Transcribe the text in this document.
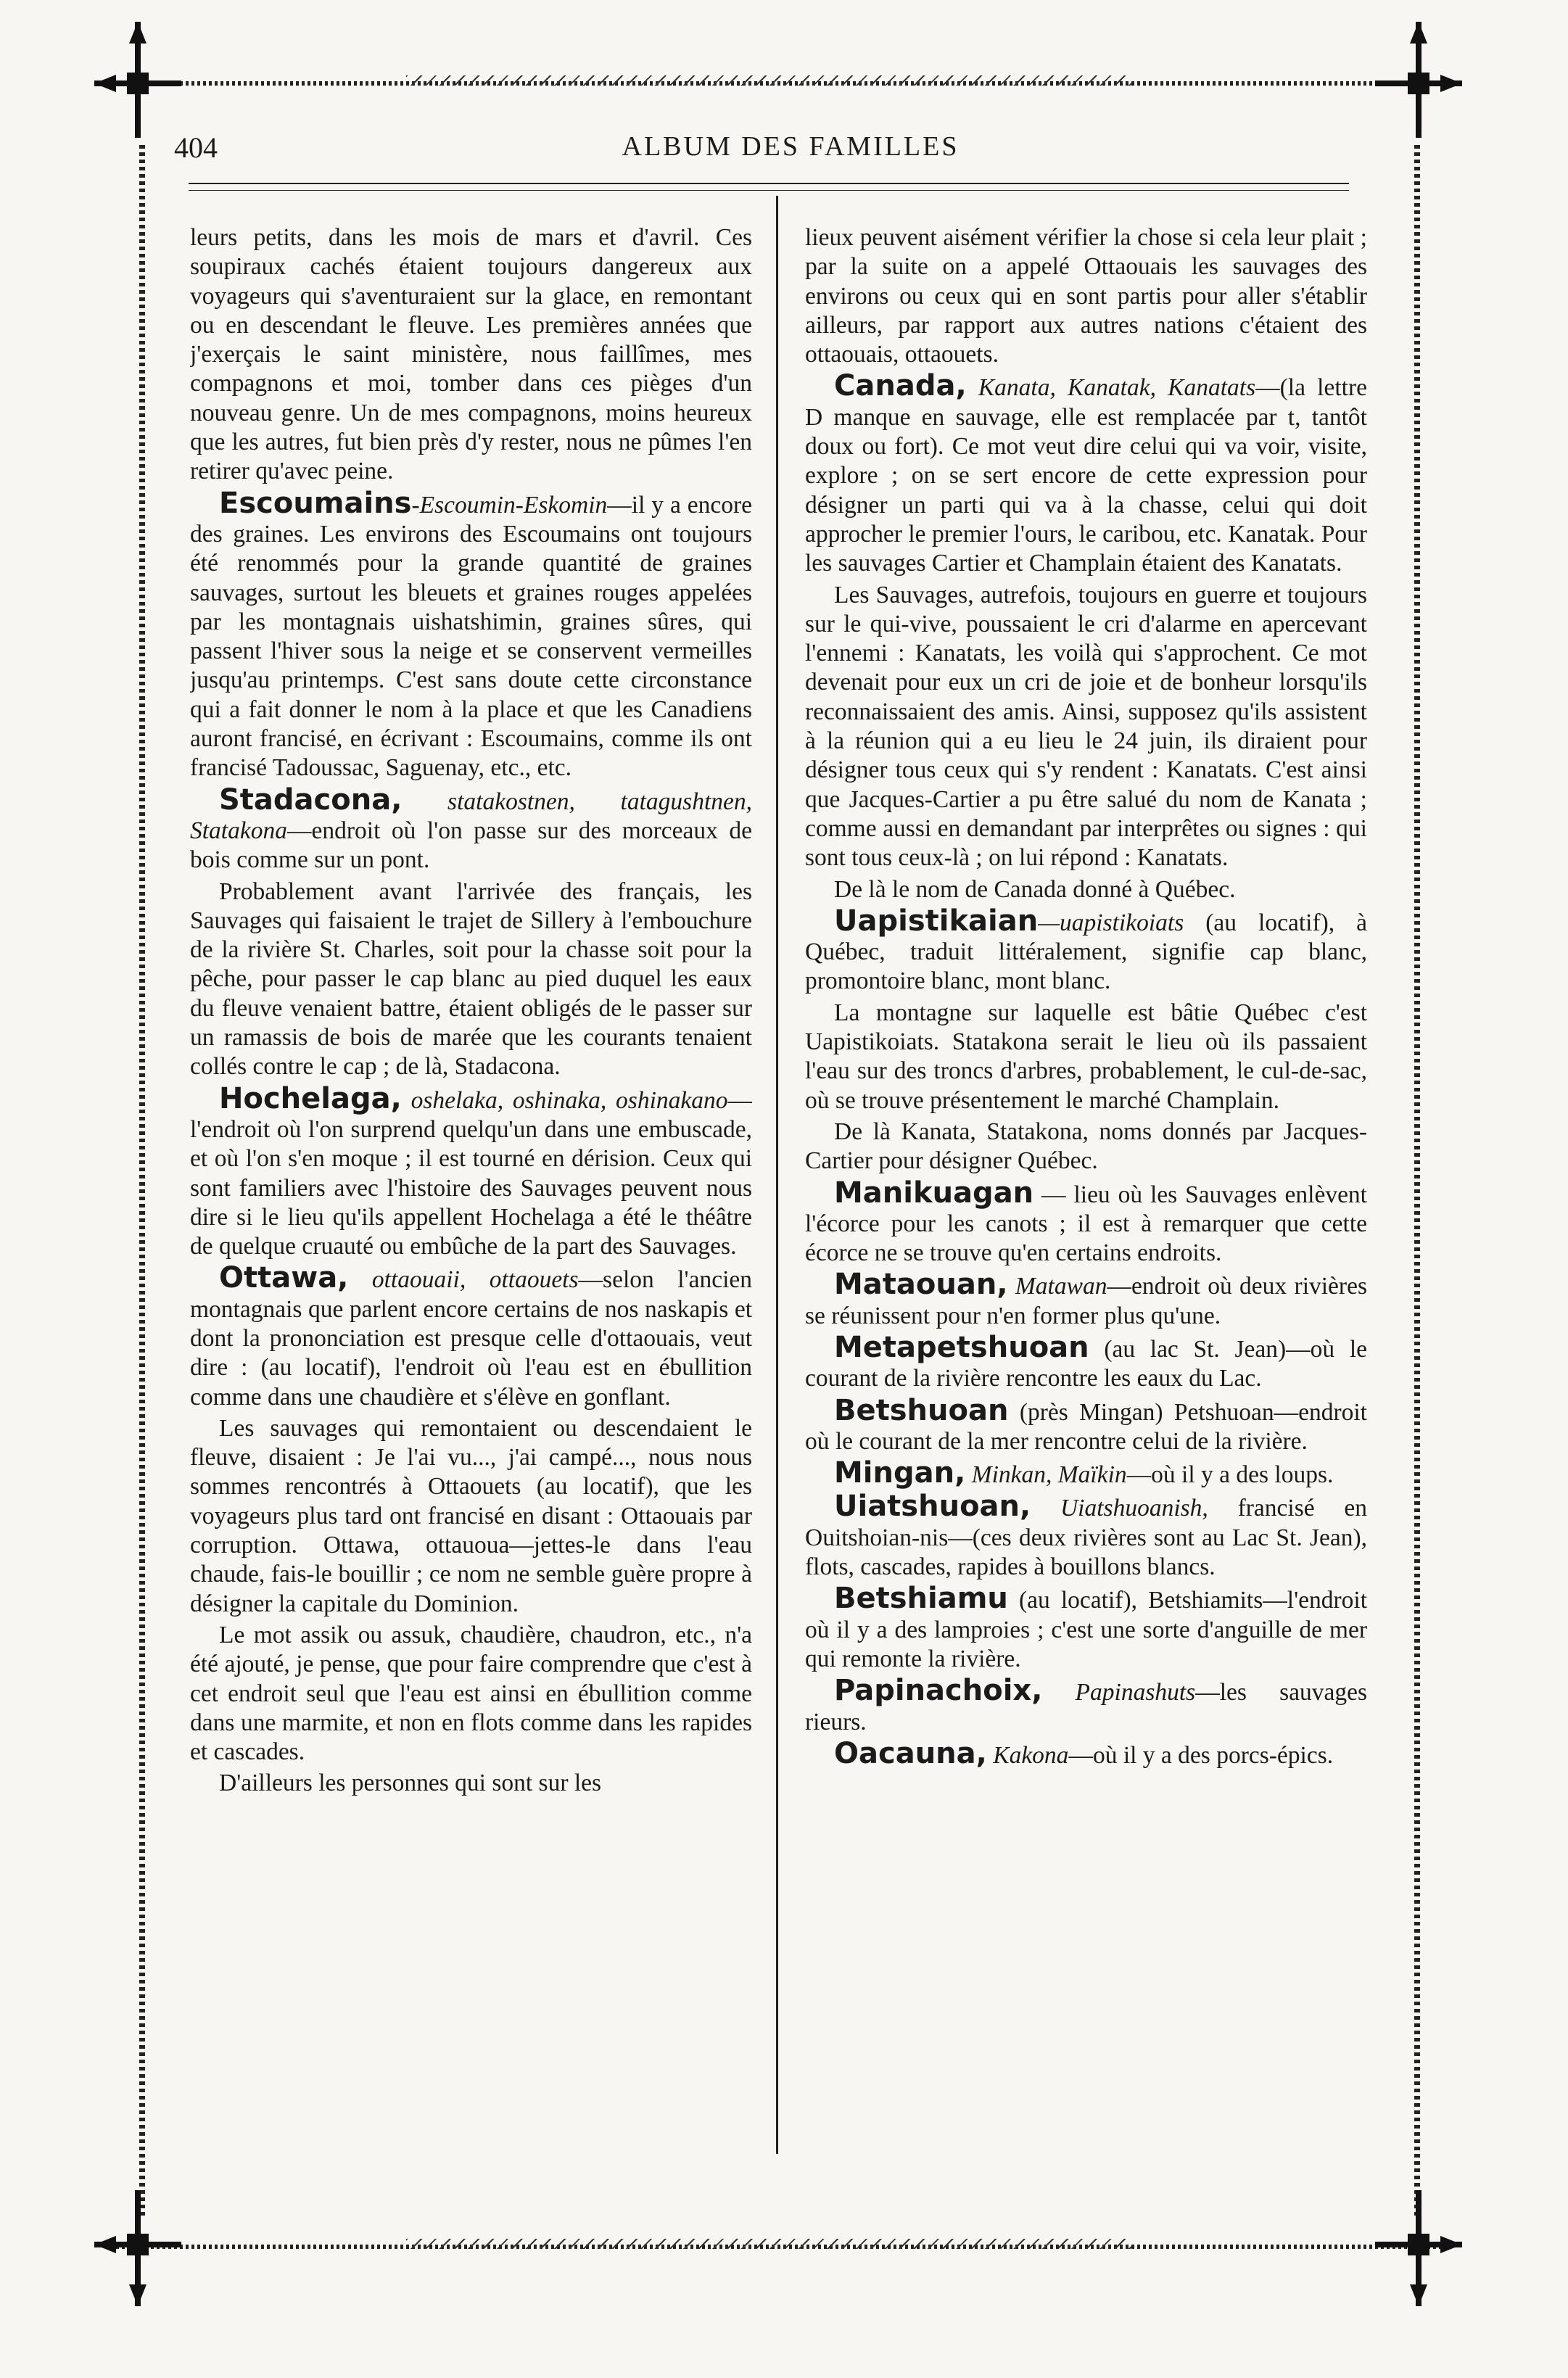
404	ALBUM DES FAMILLES

leurs petits, dans les mois de mars et d'avril. Ces soupiraux cachés étaient toujours dangereux aux voyageurs qui s'aventuraient sur la glace, en remontant ou en descendant le fleuve. Les premières années que j'exerçais le saint ministère, nous faillîmes, mes compagnons et moi, tomber dans ces pièges d'un nouveau genre. Un de mes compagnons, moins heureux que les autres, fut bien près d'y rester, nous ne pûmes l'en retirer qu'avec peine.

Escoumains-Escoumin-Eskomin—il y a encore des graines. Les environs des Escoumains ont toujours été renommés pour la grande quantité de graines sauvages, surtout les bleuets et graines rouges appelées par les montagnais uishatshimin, graines sûres, qui passent l'hiver sous la neige et se conservent vermeilles jusqu'au printemps. C'est sans doute cette circonstance qui a fait donner le nom à la place et que les Canadiens auront francisé, en écrivant : Escoumains, comme ils ont francisé Tadoussac, Saguenay, etc., etc.

Stadacona, statakostnen, tatagushtnen, Statakona—endroit où l'on passe sur des morceaux de bois comme sur un pont.

Probablement avant l'arrivée des français, les Sauvages qui faisaient le trajet de Sillery à l'embouchure de la rivière St. Charles, soit pour la chasse soit pour la pêche, pour passer le cap blanc au pied duquel les eaux du fleuve venaient battre, étaient obligés de le passer sur un ramassis de bois de marée que les courants tenaient collés contre le cap ; de là, Stadacona.

Hochelaga, oshelaka, oshinaka, oshinakano—l'endroit où l'on surprend quelqu'un dans une embuscade, et où l'on s'en moque ; il est tourné en dérision. Ceux qui sont familiers avec l'histoire des Sauvages peuvent nous dire si le lieu qu'ils appellent Hochelaga a été le théâtre de quelque cruauté ou embûche de la part des Sauvages.

Ottawa, ottaouaii, ottaouets—selon l'ancien montagnais que parlent encore certains de nos naskapis et dont la prononciation est presque celle d'ottaouais, veut dire : (au locatif), l'endroit où l'eau est en ébullition comme dans une chaudière et s'élève en gonflant.

Les sauvages qui remontaient ou descendaient le fleuve, disaient : Je l'ai vu..., j'ai campé..., nous nous sommes rencontrés à Ottaouets (au locatif), que les voyageurs plus tard ont francisé en disant : Ottaouais par corruption. Ottawa, ottauoua—jettes-le dans l'eau chaude, fais-le bouillir ; ce nom ne semble guère propre à désigner la capitale du Dominion.

Le mot assik ou assuk, chaudière, chaudron, etc., n'a été ajouté, je pense, que pour faire comprendre que c'est à cet endroit seul que l'eau est ainsi en ébullition comme dans une marmite, et non en flots comme dans les rapides et cascades.

D'ailleurs les personnes qui sont sur les

lieux peuvent aisément vérifier la chose si cela leur plait ; par la suite on a appelé Ottaouais les sauvages des environs ou ceux qui en sont partis pour aller s'établir ailleurs, par rapport aux autres nations c'étaient des ottaouais, ottaouets.

Canada, Kanata, Kanatak, Kanatats—(la lettre D manque en sauvage, elle est remplacée par t, tantôt doux ou fort). Ce mot veut dire celui qui va voir, visite, explore ; on se sert encore de cette expression pour désigner un parti qui va à la chasse, celui qui doit approcher le premier l'ours, le caribou, etc. Kanatak. Pour les sauvages Cartier et Champlain étaient des Kanatats.

Les Sauvages, autrefois, toujours en guerre et toujours sur le qui-vive, poussaient le cri d'alarme en apercevant l'ennemi : Kanatats, les voilà qui s'approchent. Ce mot devenait pour eux un cri de joie et de bonheur lorsqu'ils reconnaissaient des amis. Ainsi, supposez qu'ils assistent à la réunion qui a eu lieu le 24 juin, ils diraient pour désigner tous ceux qui s'y rendent : Kanatats. C'est ainsi que Jacques-Cartier a pu être salué du nom de Kanata ; comme aussi en demandant par interprêtes ou signes : qui sont tous ceux-là ; on lui répond : Kanatats.

De là le nom de Canada donné à Québec.

Uapistikaian—uapistikoiats (au locatif), à Québec, traduit littéralement, signifie cap blanc, promontoire blanc, mont blanc.

La montagne sur laquelle est bâtie Québec c'est Uapistikoiats. Statakona serait le lieu où ils passaient l'eau sur des troncs d'arbres, probablement, le cul-de-sac, où se trouve présentement le marché Champlain.

De là Kanata, Statakona, noms donnés par Jacques-Cartier pour désigner Québec.

Manikuagan — lieu où les Sauvages enlèvent l'écorce pour les canots ; il est à remarquer que cette écorce ne se trouve qu'en certains endroits.

Mataouan, Matawan—endroit où deux rivières se réunissent pour n'en former plus qu'une.

Metapetshuoan (au lac St. Jean)—où le courant de la rivière rencontre les eaux du Lac.

Betshuoan (près Mingan) Petshuoan—endroit où le courant de la mer rencontre celui de la rivière.

Mingan, Minkan, Maïkin—où il y a des loups.

Uiatshuoan, Uiatshuoanish, francisé en Ouitshoian-nis—(ces deux rivières sont au Lac St. Jean), flots, cascades, rapides à bouillons blancs.

Betshiamu (au locatif), Betshiamits—l'endroit où il y a des lamproies ; c'est une sorte d'anguille de mer qui remonte la rivière.

Papinachoix, Papinashuts—les sauvages rieurs.

Oacauna, Kakona—où il y a des porcs-épics.
